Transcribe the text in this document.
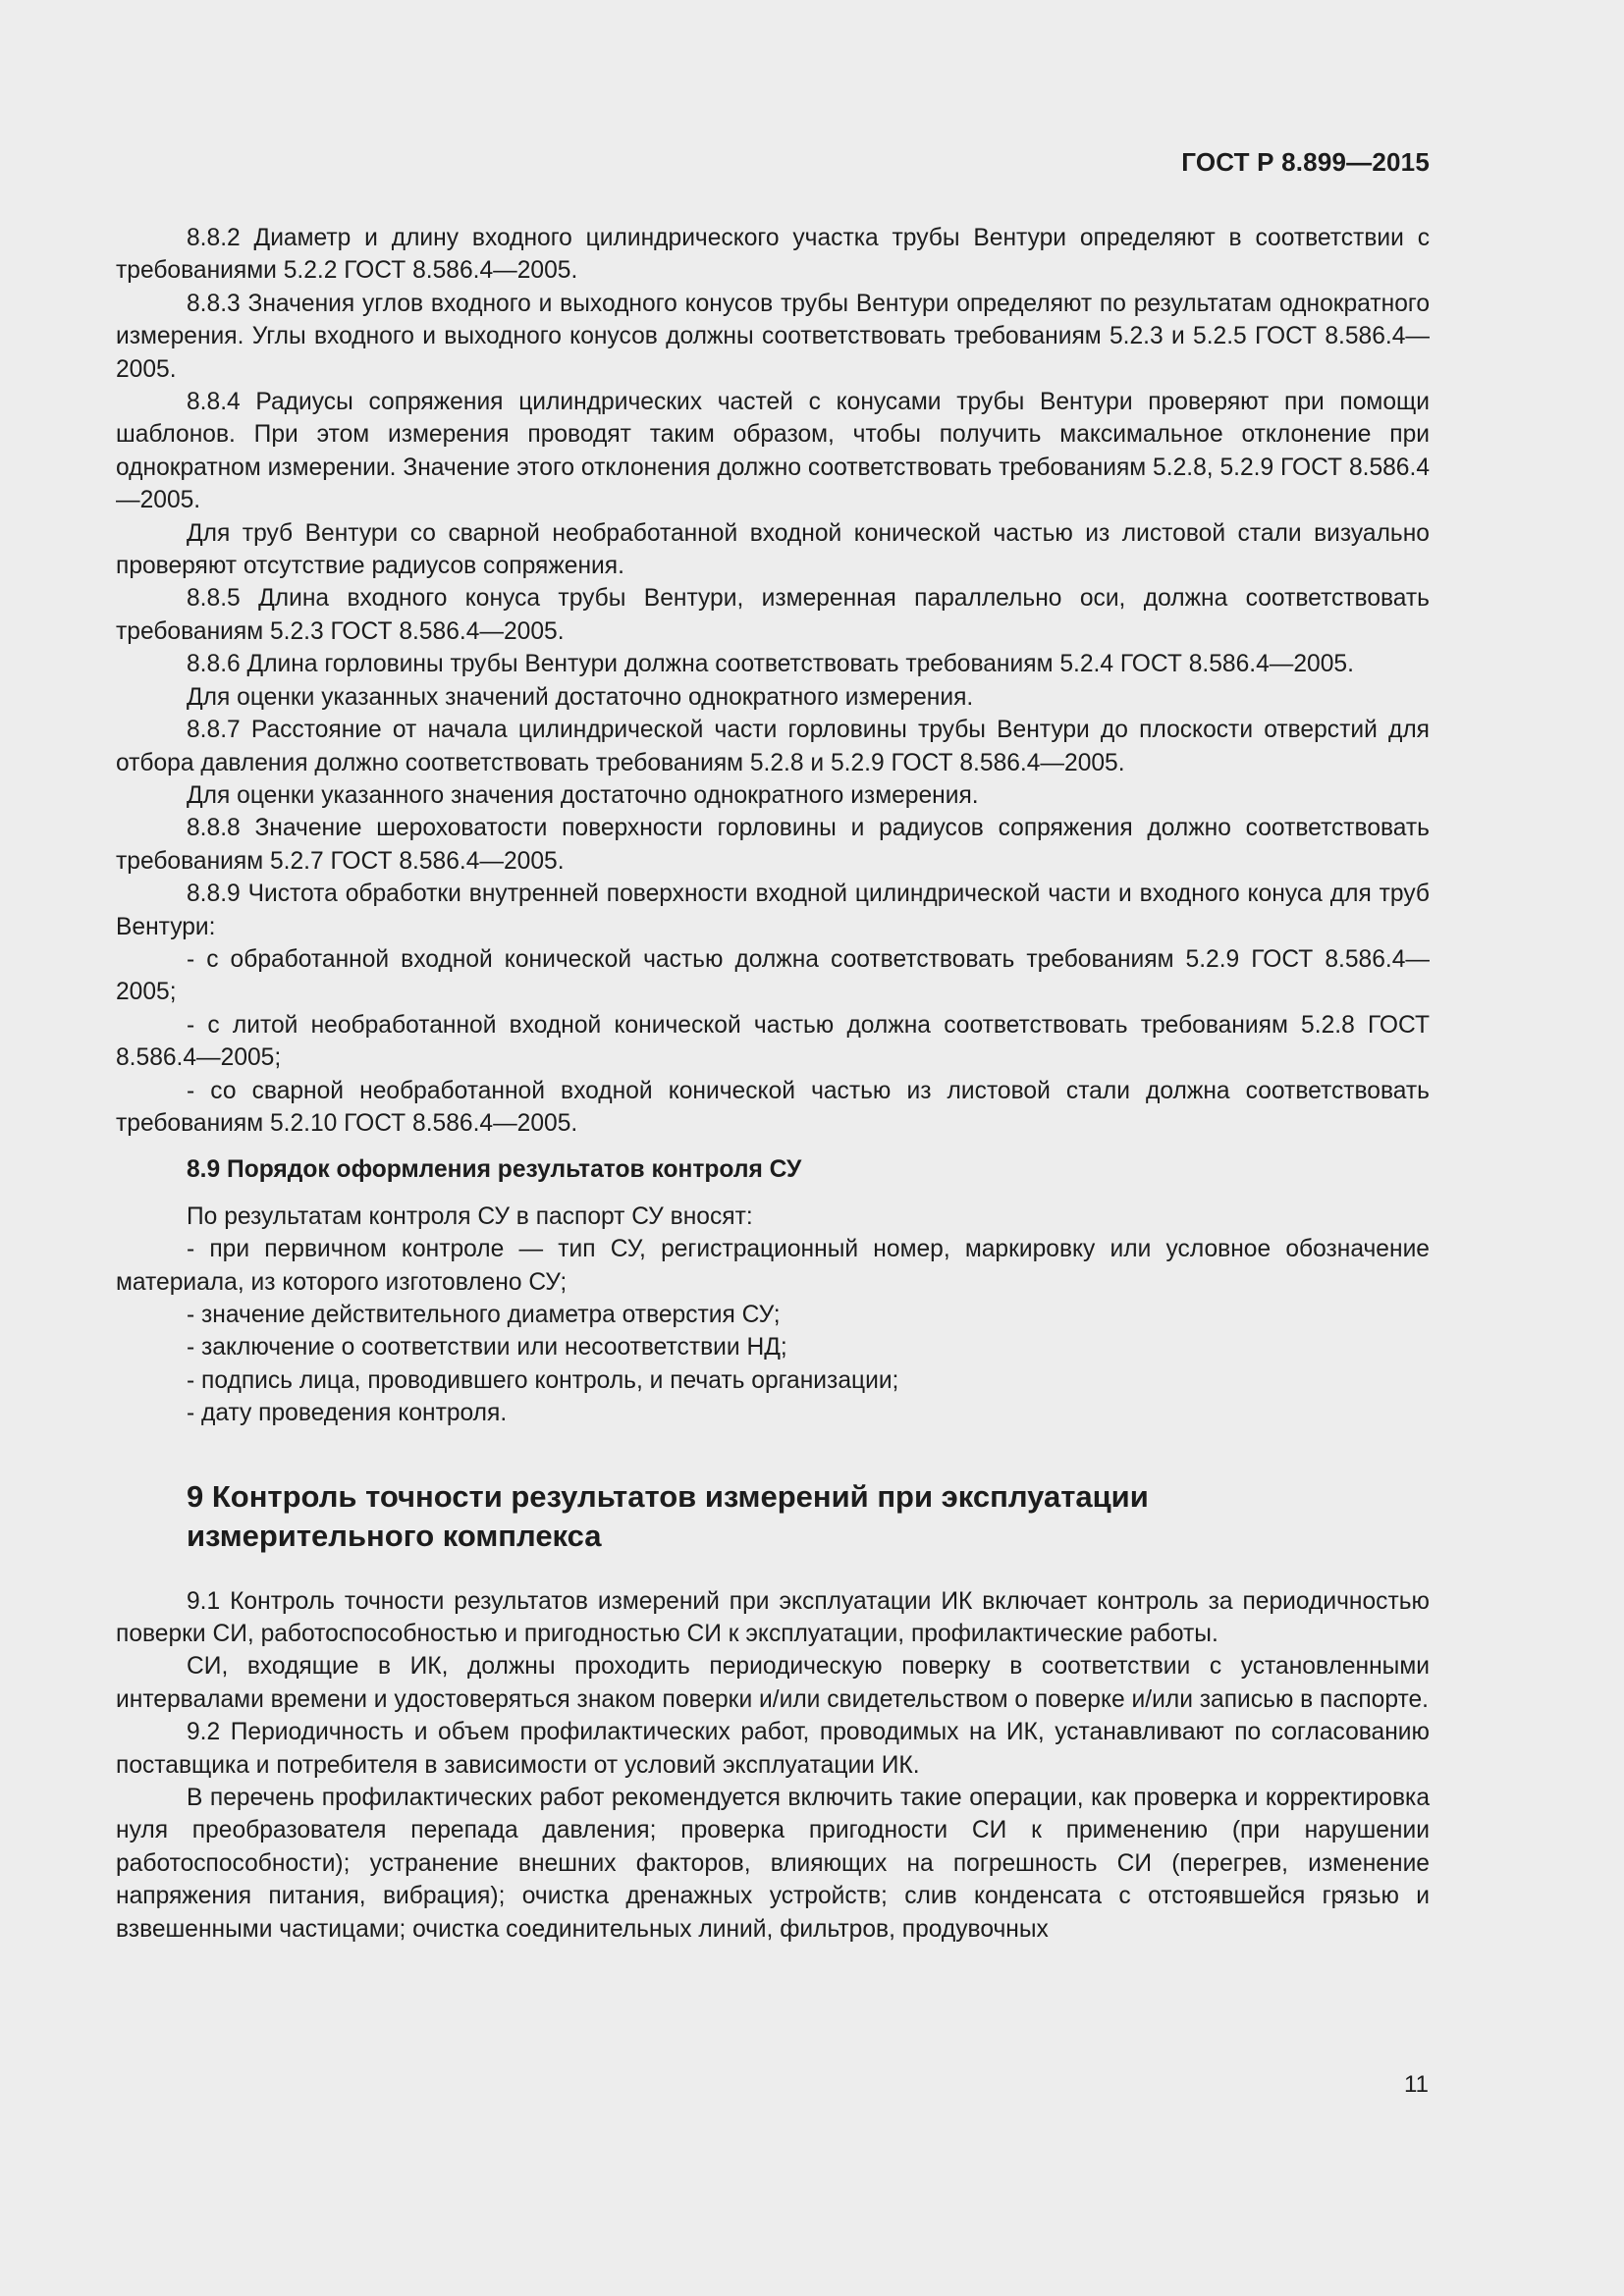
ГОСТ Р 8.899—2015

8.8.2 Диаметр и длину входного цилиндрического участка трубы Вентури определяют в соответствии с требованиями 5.2.2 ГОСТ 8.586.4—2005.

8.8.3 Значения углов входного и выходного конусов трубы Вентури определяют по результатам однократного измерения. Углы входного и выходного конусов должны соответствовать требованиям 5.2.3 и 5.2.5 ГОСТ 8.586.4—2005.

8.8.4 Радиусы сопряжения цилиндрических частей с конусами трубы Вентури проверяют при помощи шаблонов. При этом измерения проводят таким образом, чтобы получить максимальное отклонение при однократном измерении. Значение этого отклонения должно соответствовать требованиям 5.2.8, 5.2.9 ГОСТ 8.586.4—2005.

Для труб Вентури со сварной необработанной входной конической частью из листовой стали визуально проверяют отсутствие радиусов сопряжения.

8.8.5 Длина входного конуса трубы Вентури, измеренная параллельно оси, должна соответствовать требованиям 5.2.3 ГОСТ 8.586.4—2005.

8.8.6 Длина горловины трубы Вентури должна соответствовать требованиям 5.2.4 ГОСТ 8.586.4—2005.

Для оценки указанных значений достаточно однократного измерения.

8.8.7 Расстояние от начала цилиндрической части горловины трубы Вентури до плоскости отверстий для отбора давления должно соответствовать требованиям 5.2.8 и 5.2.9 ГОСТ 8.586.4—2005.

Для оценки указанного значения достаточно однократного измерения.

8.8.8 Значение шероховатости поверхности горловины и радиусов сопряжения должно соответствовать требованиям 5.2.7 ГОСТ 8.586.4—2005.

8.8.9 Чистота обработки внутренней поверхности входной цилиндрической части и входного конуса для труб Вентури:

- с обработанной входной конической частью должна соответствовать требованиям 5.2.9 ГОСТ 8.586.4—2005;

- с литой необработанной входной конической частью должна соответствовать требованиям 5.2.8 ГОСТ 8.586.4—2005;

- со сварной необработанной входной конической частью из листовой стали должна соответствовать требованиям 5.2.10 ГОСТ 8.586.4—2005.

8.9 Порядок оформления результатов контроля СУ

По результатам контроля СУ в паспорт СУ вносят:

- при первичном контроле — тип СУ, регистрационный номер, маркировку или условное обозначение материала, из которого изготовлено СУ;

- значение действительного диаметра отверстия СУ;

- заключение о соответствии или несоответствии НД;

- подпись лица, проводившего контроль, и печать организации;

- дату проведения контроля.

9 Контроль точности результатов измерений при эксплуатации
измерительного комплекса

9.1 Контроль точности результатов измерений при эксплуатации ИК включает контроль за периодичностью поверки СИ, работоспособностью и пригодностью СИ к эксплуатации, профилактические работы.

СИ, входящие в ИК, должны проходить периодическую поверку в соответствии с установленными интервалами времени и удостоверяться знаком поверки и/или свидетельством о поверке и/или записью в паспорте.

9.2 Периодичность и объем профилактических работ, проводимых на ИК, устанавливают по согласованию поставщика и потребителя в зависимости от условий эксплуатации ИК.

В перечень профилактических работ рекомендуется включить такие операции, как проверка и корректировка нуля преобразователя перепада давления; проверка пригодности СИ к применению (при нарушении работоспособности); устранение внешних факторов, влияющих на погрешность СИ (перегрев, изменение напряжения питания, вибрация); очистка дренажных устройств; слив конденсата с отстоявшейся грязью и взвешенными частицами; очистка соединительных линий, фильтров, продувочных

11
